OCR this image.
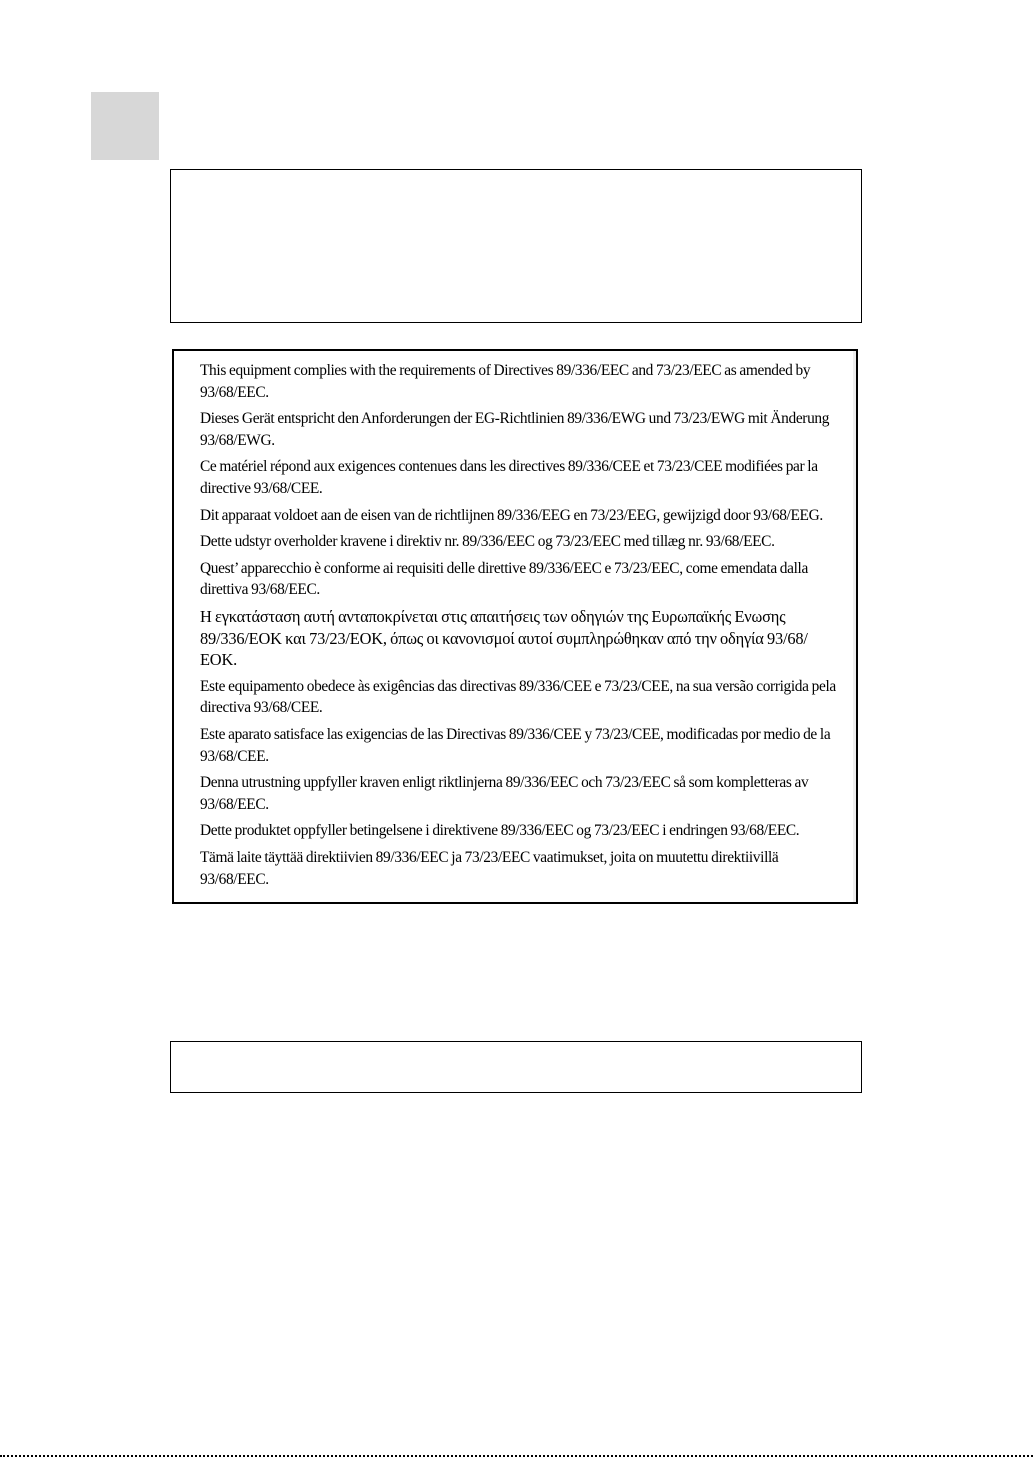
This equipment complies with the requirements of Directives 89/336/EEC and 73/23/EEC as amended by 93/68/EEC.

Dieses Gerät entspricht den Anforderungen der EG-Richtlinien 89/336/EWG und 73/23/EWG mit Änderung 93/68/EWG.

Ce matériel répond aux exigences contenues dans les directives 89/336/CEE et 73/23/CEE modifiées par la directive 93/68/CEE.

Dit apparaat voldoet aan de eisen van de richtlijnen 89/336/EEG en 73/23/EEG, gewijzigd door 93/68/EEG.

Dette udstyr overholder kravene i direktiv nr. 89/336/EEC og 73/23/EEC med tillæg nr. 93/68/EEC.

Quest’ apparecchio è conforme ai requisiti delle direttive 89/336/EEC e 73/23/EEC, come emendata dalla direttiva 93/68/EEC.

Η εγκατάσταση αυτή ανταποκρίνεται στις απαιτήσεις των οδηγιών της Ευρωπαϊκής Ενωσης 89/336/ΕΟΚ και 73/23/ΕΟΚ, όπως οι κανονισμοί αυτοί συμπληρώθηκαν από την οδηγία 93/68/ΕΟΚ.

Este equipamento obedece às exigências das directivas 89/336/CEE e 73/23/CEE, na sua versão corrigida pela directiva 93/68/CEE.

Este aparato satisface las exigencias de las Directivas 89/336/CEE y 73/23/CEE, modificadas por medio de la 93/68/CEE.

Denna utrustning uppfyller kraven enligt riktlinjerna 89/336/EEC och 73/23/EEC så som kompletteras av 93/68/EEC.

Dette produktet oppfyller betingelsene i direktivene 89/336/EEC og 73/23/EEC i endringen 93/68/EEC.

Tämä laite täyttää direktiivien 89/336/EEC ja 73/23/EEC vaatimukset, joita on muutettu direktiivillä 93/68/EEC.
